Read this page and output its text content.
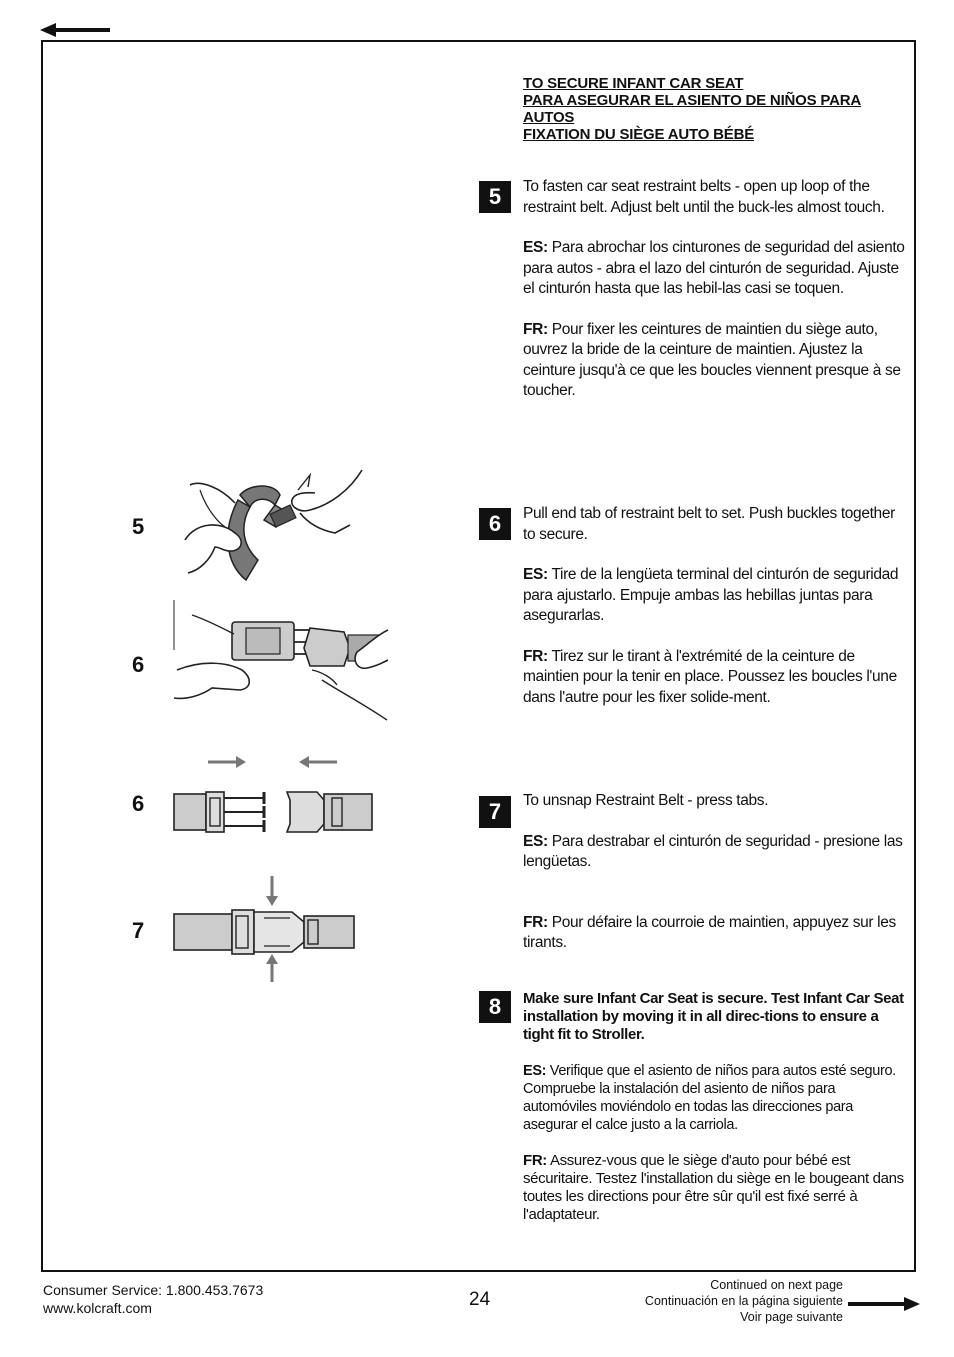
TO SECURE INFANT CAR SEAT
PARA ASEGURAR EL ASIENTO DE NIÑOS PARA AUTOS
FIXATION DU SIÈGE AUTO BÉBÉ
5	To fasten car seat restraint belts - open up loop of the restraint belt. Adjust belt until the buck-les almost touch.

ES: Para abrochar los cinturones de seguridad del asiento para autos - abra el lazo del cinturón de seguridad. Ajuste el cinturón hasta que las hebil-las casi se toquen.

FR: Pour fixer les ceintures de maintien du siège auto, ouvrez la bride de la ceinture de maintien. Ajustez la ceinture jusqu'à ce que les boucles viennent presque à se toucher.

6	Pull end tab of restraint belt to set. Push buckles together to secure.

ES: Tire de la lengüeta terminal del cinturón de seguridad para ajustarlo. Empuje ambas las hebillas juntas para asegurarlas.

FR: Tirez sur le tirant à l'extrémité de la ceinture de maintien pour la tenir en place. Poussez les boucles l'une dans l'autre pour les fixer solide-ment.

7	To unsnap Restraint Belt - press tabs.

ES: Para destrabar el cinturón de seguridad - presione las lengüetas.

FR: Pour défaire la courroie de maintien, appuyez sur les tirants.

8	Make sure Infant Car Seat is secure. Test Infant Car Seat installation by moving it in all direc-tions to ensure a tight fit to Stroller.

ES: Verifique que el asiento de niños para autos esté seguro. Compruebe la instalación del asiento de niños para automóviles moviéndolo en todas las direcciones para asegurar el calce justo a la carriola.

FR: Assurez-vous que le siège d'auto pour bébé est sécuritaire. Testez l'installation du siège en le bougeant dans toutes les directions pour être sûr qu'il est fixé serré à l'adaptateur.

5
6
6
7
Consumer Service: 1.800.453.7673
www.kolcraft.com	24
Continued on next page
Continuación en la página siguiente
Voir page suivante
